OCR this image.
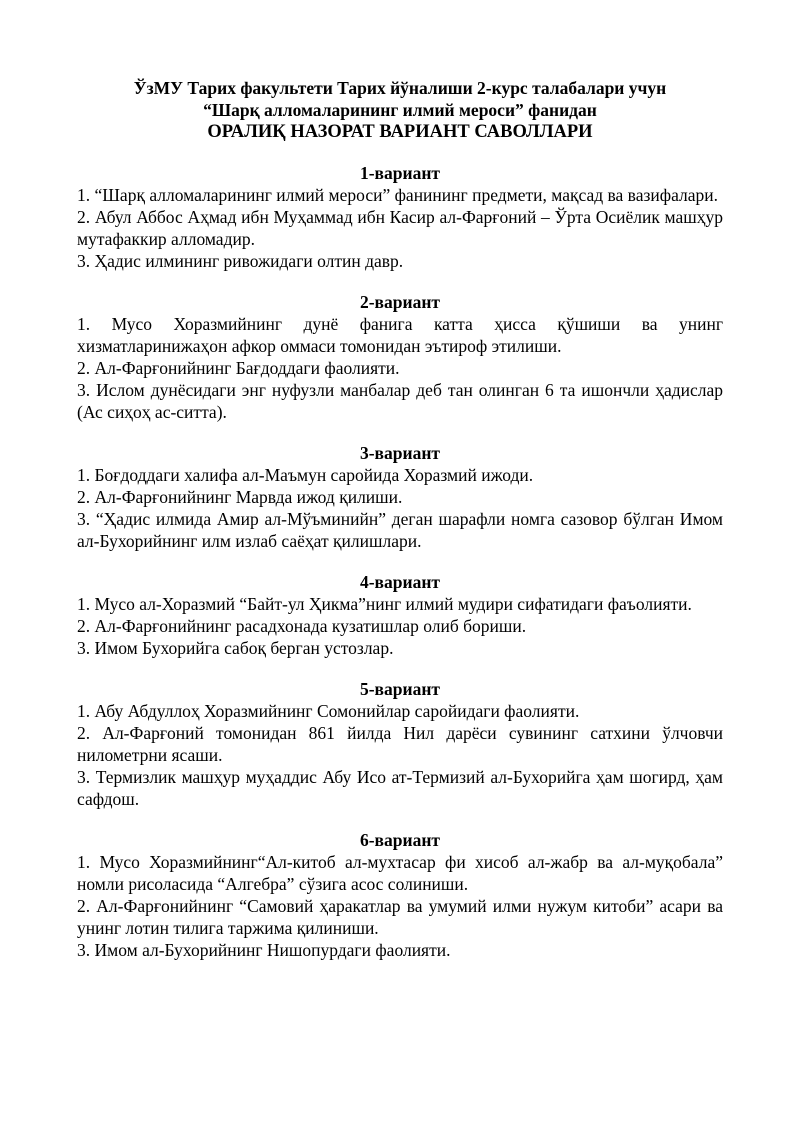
ЎзМУ Тарих факультети Тарих йўналиши 2-курс талабалари учун
“Шарқ алломаларининг илмий мероси” фанидан
ОРАЛИҚ НАЗОРАТ ВАРИАНТ САВОЛЛАРИ
1-вариант
1. “Шарқ алломаларининг илмий мероси” фанининг предмети, мақсад ва вазифалари.
2. Абул Аббос Аҳмад ибн Муҳаммад ибн Касир ал-Фарғоний – Ўрта Осиёлик машҳур мутафаккир алломадир.
3. Ҳадис илмининг ривожидаги олтин давр.
2-вариант
1. Мусо Хоразмийнинг дунё фанига катта ҳисса қўшиши ва унинг хизматларинижаҳон афкор оммаси томонидан эътироф этилиши.
2. Ал-Фарғонийнинг Бағдоддаги фаолияти.
3. Ислом дунёсидаги энг нуфузли манбалар деб тан олинган 6 та ишончли ҳадислар (Ас сиҳоҳ ас-ситта).
3-вариант
1. Боғдоддаги халифа ал-Маъмун саройида Хоразмий ижоди.
2. Ал-Фарғонийнинг Марвда ижод қилиши.
3. “Ҳадис илмида Амир ал-Мўъминийн” деган шарафли номга сазовор бўлган Имом ал-Бухорийнинг илм излаб саёҳат қилишлари.
4-вариант
1. Мусо ал-Хоразмий “Байт-ул Ҳикма”нинг илмий мудири сифатидаги фаъолияти.
2. Ал-Фарғонийнинг расадхонада кузатишлар олиб бориши.
3. Имом Бухорийга сабоқ берган устозлар.
5-вариант
1. Абу Абдуллоҳ Хоразмийнинг Сомонийлар саройидаги фаолияти.
2. Ал-Фарғоний томонидан 861 йилда Нил дарёси сувининг сатхини ўлчовчи нилометрни ясаши.
3. Термизлик машҳур муҳаддис Абу Исо ат-Термизий ал-Бухорийга ҳам шогирд, ҳам сафдош.
6-вариант
1. Мусо Хоразмийнинг“Ал-китоб ал-мухтасар фи хисоб ал-жабр ва ал-муқобала” номли рисоласида “Алгебра” сўзига асос солиниши.
2. Ал-Фарғонийнинг “Самовий ҳаракатлар ва умумий илми нужум китоби” асари ва унинг лотин тилига таржима қилиниши.
3. Имом ал-Бухорийнинг Нишопурдаги фаолияти.
